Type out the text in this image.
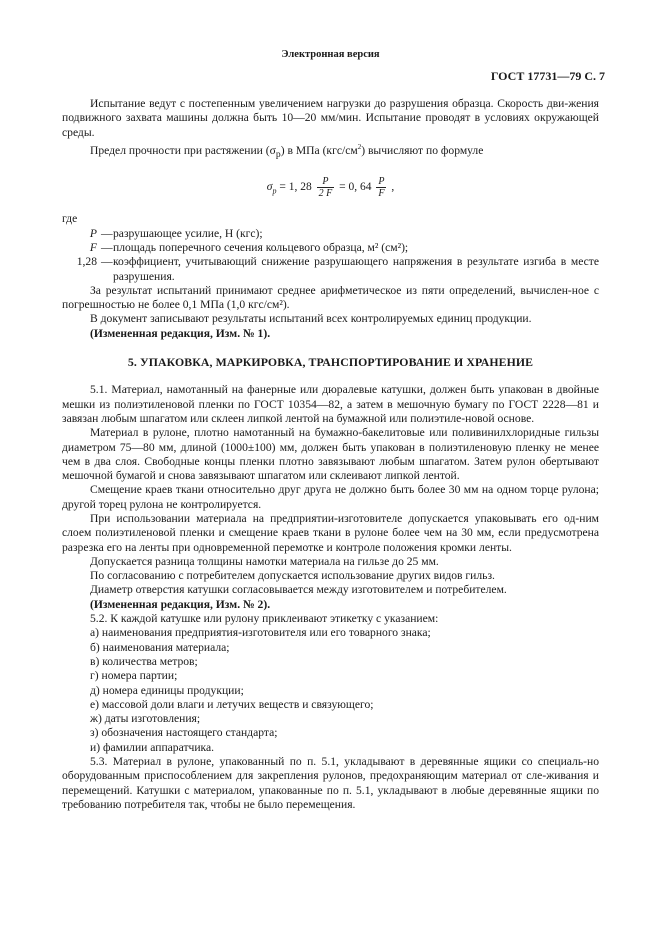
Электронная версия
ГОСТ 17731—79 С. 7

Испытание ведут с постепенным увеличением нагрузки до разрушения образца. Скорость дви-жения подвижного захвата машины должна быть 10—20 мм/мин. Испытание проводят в условиях окружающей среды.

Предел прочности при растяжении $(\sigma_р)$ в МПа $(кгс/см^2)$ вычисляют по формуле

$\sigma_р = 1$, $28 \frac{P}{2 F} = 0$, $64 \frac{P}{F}$ ,

где

P — разрушающее усилие, Н (кгс);
F — площадь поперечного сечения кольцевого образца, м² (см²);
1,28 — коэффициент, учитывающий снижение разрушающего напряжения в результате изгиба в месте разрушения.

За результат испытаний принимают среднее арифметическое из пяти определений, вычислен-ное с погрешностью не более 0,1 МПа (1,0 кгс/см²).

В документ записывают результаты испытаний всех контролируемых единиц продукции.

(Измененная редакция, Изм. № 1).

5. УПАКОВКА, МАРКИРОВКА, ТРАНСПОРТИРОВАНИЕ И ХРАНЕНИЕ

5.1. Материал, намотанный на фанерные или дюралевые катушки, должен быть упакован в двойные мешки из полиэтиленовой пленки по ГОСТ 10354—82, а затем в мешочную бумагу по ГОСТ 2228—81 и завязан любым шпагатом или склеен липкой лентой на бумажной или полиэтиле-новой основе.

Материал в рулоне, плотно намотанный на бумажно-бакелитовые или поливинилхлоридные гильзы диаметром 75—80 мм, длиной (1000±100) мм, должен быть упакован в полиэтиленовую пленку не менее чем в два слоя. Свободные концы пленки плотно завязывают любым шпагатом. Затем рулон обертывают мешочной бумагой и снова завязывают шпагатом или склеивают липкой лентой.

Смещение краев ткани относительно друг друга не должно быть более 30 мм на одном торце рулона; другой торец рулона не контролируется.

При использовании материала на предприятии-изготовителе допускается упаковывать его од-ним слоем полиэтиленовой пленки и смещение краев ткани в рулоне более чем на 30 мм, если предусмотрена разрезка его на ленты при одновременной перемотке и контроле положения кромки ленты.

Допускается разница толщины намотки материала на гильзе до 25 мм.

По согласованию с потребителем допускается использование других видов гильз.

Диаметр отверстия катушки согласовывается между изготовителем и потребителем.

(Измененная редакция, Изм. № 2).

5.2. К каждой катушке или рулону приклеивают этикетку с указанием:

а) наименования предприятия-изготовителя или его товарного знака;

б) наименования материала;

в) количества метров;

г) номера партии;

д) номера единицы продукции;

е) массовой доли влаги и летучих веществ и связующего;

ж) даты изготовления;

з) обозначения настоящего стандарта;

и) фамилии аппаратчика.

5.3. Материал в рулоне, упакованный по п. 5.1, укладывают в деревянные ящики со специаль-но оборудованным приспособлением для закрепления рулонов, предохраняющим материал от сле-живания и перемещений. Катушки с материалом, упакованные по п. 5.1, укладывают в любые деревянные ящики по требованию потребителя так, чтобы не было перемещения.
